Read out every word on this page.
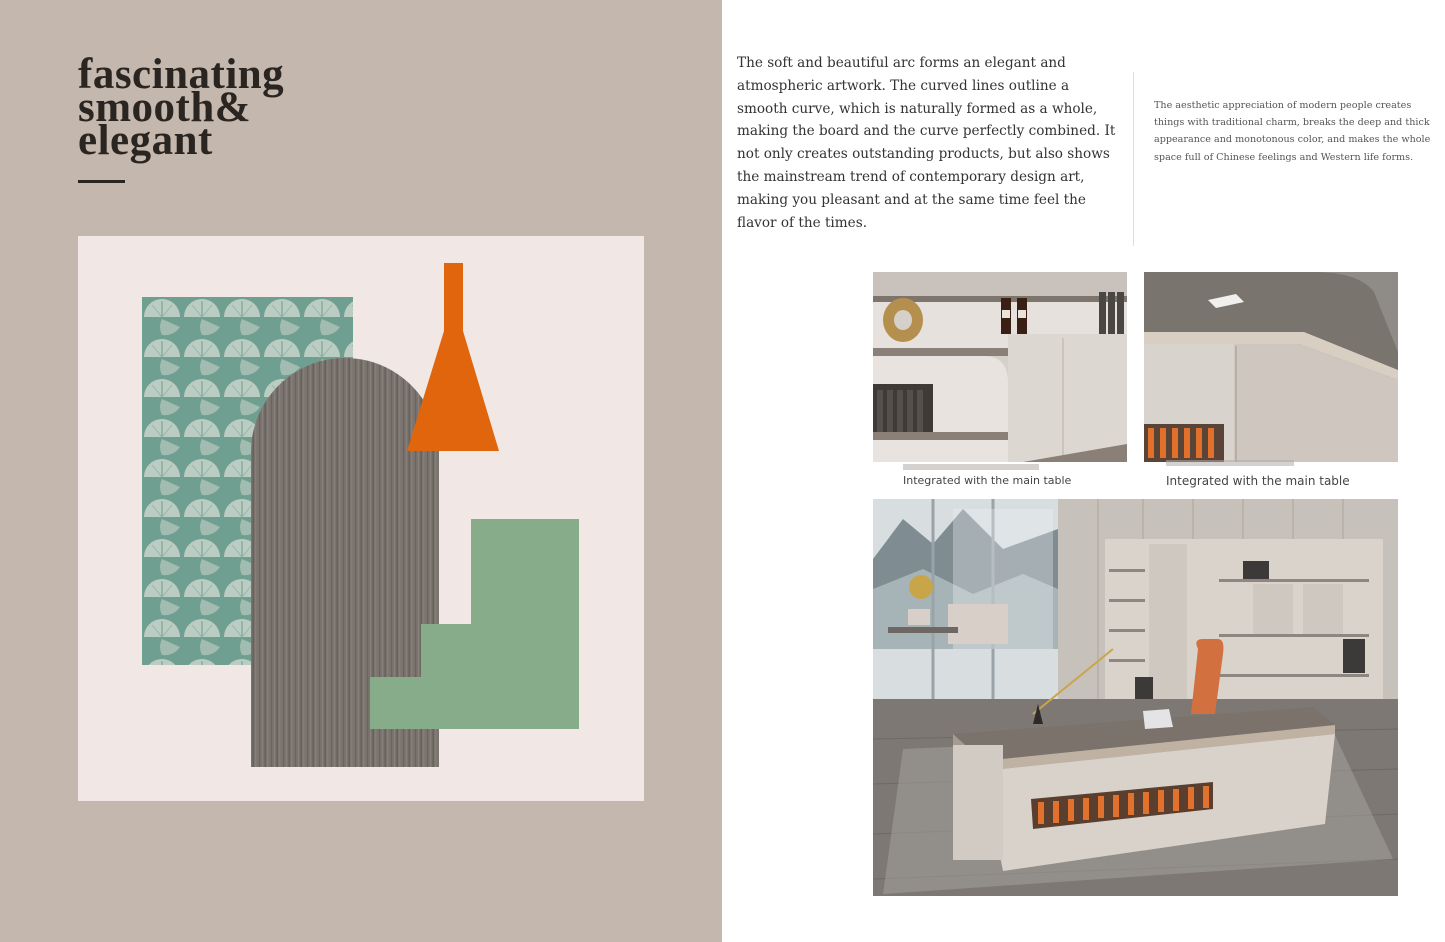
fascinating
smooth&
elegant

The soft and beautiful arc forms an elegant and atmospheric artwork. The curved lines outline a smooth curve, which is naturally formed as a whole, making the board and the curve perfectly combined. It not only creates outstanding products, but also shows the mainstream trend of contemporary design art, making you pleasant and at the same time feel the flavor of the times.

The aesthetic appreciation of modern people creates things with traditional charm, breaks the deep and thick appearance and monotonous color, and makes the whole space full of Chinese feelings and Western life forms.

Integrated with the main table	Integrated with the main table
